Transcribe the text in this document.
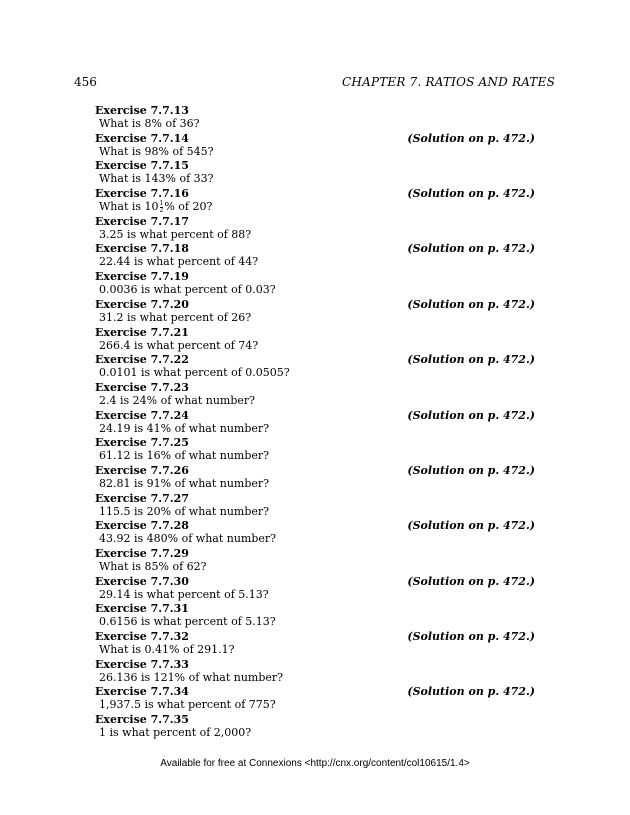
456	CHAPTER 7. RATIOS AND RATES
Exercise 7.7.13
What is 8% of 36?
Exercise 7.7.14	(Solution on p. 472.)
What is 98% of 545?
Exercise 7.7.15
What is 143% of 33?
Exercise 7.7.16	(Solution on p. 472.)
What is $10 \frac{1}{2}$ % of 20?
Exercise 7.7.17
3.25 is what percent of 88?
Exercise 7.7.18	(Solution on p. 472.)
22.44 is what percent of 44?
Exercise 7.7.19
0.0036 is what percent of 0.03?
Exercise 7.7.20	(Solution on p. 472.)
31.2 is what percent of 26?
Exercise 7.7.21
266.4 is what percent of 74?
Exercise 7.7.22	(Solution on p. 472.)
0.0101 is what percent of 0.0505?
Exercise 7.7.23
2.4 is 24% of what number?
Exercise 7.7.24	(Solution on p. 472.)
24.19 is 41% of what number?
Exercise 7.7.25
61.12 is 16% of what number?
Exercise 7.7.26	(Solution on p. 472.)
82.81 is 91% of what number?
Exercise 7.7.27
115.5 is 20% of what number?
Exercise 7.7.28	(Solution on p. 472.)
43.92 is 480% of what number?
Exercise 7.7.29
What is 85% of 62?
Exercise 7.7.30	(Solution on p. 472.)
29.14 is what percent of 5.13?
Exercise 7.7.31
0.6156 is what percent of 5.13?
Exercise 7.7.32	(Solution on p. 472.)
What is 0.41% of 291.1?
Exercise 7.7.33
26.136 is 121% of what number?
Exercise 7.7.34	(Solution on p. 472.)
1,937.5 is what percent of 775?
Exercise 7.7.35
1 is what percent of 2,000?
Available for free at Connexions <http://cnx.org/content/col10615/1.4>
